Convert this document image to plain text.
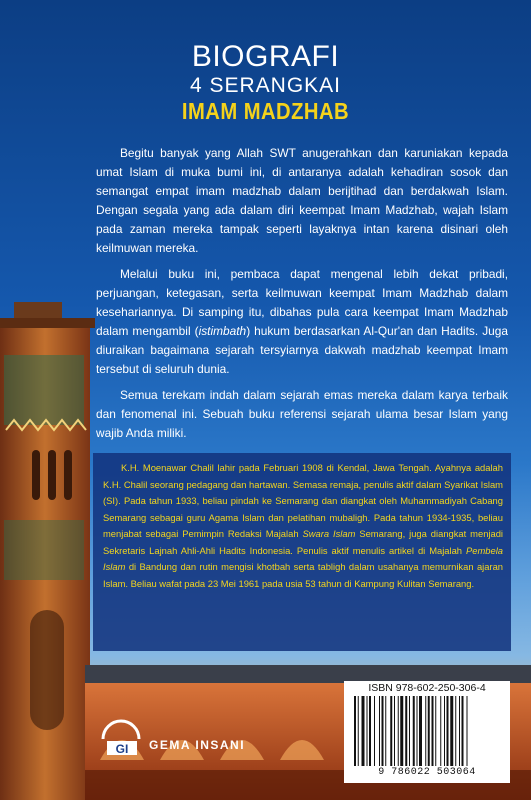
BIOGRAFI
4 SERANGKAI
IMAM MADZHAB

Begitu banyak yang Allah SWT anugerahkan dan karuniakan kepada umat Islam di muka bumi ini, di antaranya adalah kehadiran sosok dan semangat empat imam madzhab dalam berijtihad dan berdakwah Islam. Dengan segala yang ada dalam diri keempat Imam Madzhab, wajah Islam pada zaman mereka tampak seperti layaknya intan karena disinari oleh keilmuwan mereka.

Melalui buku ini, pembaca dapat mengenal lebih dekat pribadi, perjuangan, ketegasan, serta keilmuwan keempat Imam Madzhab dalam kesehariannya. Di samping itu, dibahas pula cara keempat Imam Madzhab dalam mengambil (istimbath) hukum berdasarkan Al-Qur'an dan Hadits. Juga diuraikan bagaimana sejarah tersyiarnya dakwah madzhab keempat Imam tersebut di seluruh dunia.

Semua terekam indah dalam sejarah emas mereka dalam karya terbaik dan fenomenal ini. Sebuah buku referensi sejarah ulama besar Islam yang wajib Anda miliki.

K.H. Moenawar Chalil lahir pada Februari 1908 di Kendal, Jawa Tengah. Ayahnya adalah K.H. Chalil seorang pedagang dan hartawan. Semasa remaja, penulis aktif dalam Syarikat Islam (SI). Pada tahun 1933, beliau pindah ke Semarang dan diangkat oleh Muhammadiyah Cabang Semarang sebagai guru Agama Islam dan pelatihan mubaligh. Pada tahun 1934-1935, beliau menjabat sebagai Pemimpin Redaksi Majalah Swara Islam Semarang, juga diangkat menjadi Sekretaris Lajnah Ahli-Ahli Hadits Indonesia. Penulis aktif menulis artikel di Majalah Pembela Islam di Bandung dan rutin mengisi khotbah serta tabligh dalam usahanya memurnikan ajaran Islam. Beliau wafat pada 23 Mei 1961 pada usia 53 tahun di Kampung Kulitan Semarang.
ISBN 978-602-250-306-4
9 786022 503064
GI GEMA INSANI
